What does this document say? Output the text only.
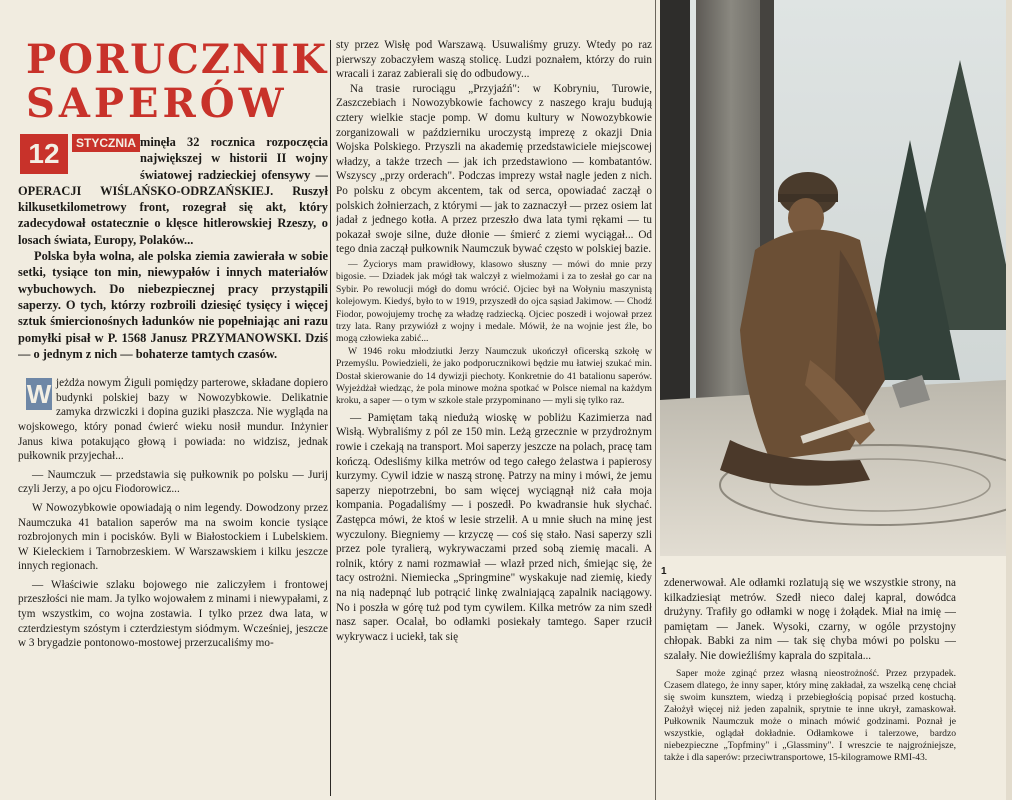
PORUCZNIK
SAPERÓW
12	STYCZNIA minęła 32 rocznica rozpoczęcia największej w historii II wojny światowej radzieckiej ofensywy — OPERACJI WIŚLAŃSKO-ODRZAŃSKIEJ. Ruszył kilkusetkilometrowy front, rozegrał się akt, który zadecydował ostatecznie o klęsce hitlerowskiej Rzeszy, o losach świata, Europy, Polaków...

Polska była wolna, ale polska ziemia zawierała w sobie setki, tysiące ton min, niewypałów i innych materiałów wybuchowych. Do niebezpiecznej pracy przystąpili saperzy. O tych, którzy rozbroili dziesięć tysięcy i więcej sztuk śmiercionośnych ładunków nie popełniając ani razu pomyłki pisał w P. 1568 Janusz PRZYMANOWSKI. Dziś — o jednym z nich — bohaterze tamtych czasów.

W jeżdża nowym Żiguli pomiędzy parterowe, składane dopiero budynki polskiej bazy w Nowozybkowie. Delikatnie zamyka drzwiczki i dopina guziki płaszcza. Nie wygląda na wojskowego, który ponad ćwierć wieku nosił mundur. Inżynier Janus kiwa potakująco głową i powiada: no widzisz, jednak pułkownik przyjechał...

— Naumczuk — przedstawia się pułkownik po polsku — Jurij czyli Jerzy, a po ojcu Fiodorowicz...

W Nowozybkowie opowiadają o nim legendy. Dowodzony przez Naumczuka 41 batalion saperów ma na swoim koncie tysiące rozbrojonych min i pocisków. Byli w Białostockiem i Lubelskiem. W Kieleckiem i Tarnobrzeskiem. W Warszawskiem i kilku jeszcze innych regionach.

— Właściwie szlaku bojowego nie zaliczyłem i frontowej przeszłości nie mam. Ja tylko wojowałem z minami i niewypałami, z tym wszystkim, co wojna zostawia. I tylko przez dwa lata, w czterdziestym szóstym i czterdziestym siódmym. Wcześniej, jeszcze w 3 brygadzie pontonowo-mostowej przerzucaliśmy mo-

sty przez Wisłę pod Warszawą. Usuwaliśmy gruzy. Wtedy po raz pierwszy zobaczyłem waszą stolicę. Ludzi poznałem, którzy do ruin wracali i zaraz zabierali się do odbudowy...

Na trasie rurociągu „Przyjaźń": w Kobryniu, Turowie, Zaszczebiach i Nowozybkowie fachowcy z naszego kraju budują cztery wielkie stacje pomp. W domu kultury w Nowozybkowie zorganizowali w październiku uroczystą imprezę z okazji Dnia Wojska Polskiego. Przyszli na akademię przedstawiciele miejscowej władzy, a także trzech — jak ich przedstawiono — kombatantów. Wszyscy „przy orderach". Podczas imprezy wstał nagle jeden z nich. Po polsku z obcym akcentem, tak od serca, opowiadać zaczął o polskich żołnierzach, z którymi — jak to zaznaczył — przez osiem lat jadał z jednego kotła. A przez przeszło dwa lata tymi rękami — tu pokazał swoje silne, duże dłonie — śmierć z ziemi wyciągał... Od tego dnia zaczął pułkownik Naumczuk bywać często w polskiej bazie.

— Życiorys mam prawidłowy, klasowo słuszny — mówi do mnie przy bigosie. — Dziadek jak mógł tak walczył z wielmożami i za to zesłał go car na Sybir. Po rewolucji mógł do domu wrócić. Ojciec był na Wołyniu maszynistą kolejowym. Kiedyś, było to w 1919, przyszedł do ojca sąsiad Jakimow. — Chodź Fiodor, powojujemy trochę za władzę radziecką. Ojciec poszedł i wojował przez trzy lata. Rany przywiózł z wojny i medale. Mówił, że na wojnie jest źle, bo mogą człowieka zabić...

W 1946 roku młodziutki Jerzy Naumczuk ukończył oficerską szkołę w Przemyślu. Powiedzieli, że jako podporucznikowi będzie mu łatwiej szukać min. Dostał skierowanie do 14 dywizji piechoty. Konkretnie do 41 batalionu saperów. Wyjeżdżał wiedząc, że pola minowe można spotkać w Polsce niemal na każdym kroku, a saper — o tym w szkole stale przypominano — myli się tylko raz.

— Pamiętam taką niedużą wioskę w pobliżu Kazimierza nad Wisłą. Wybraliśmy z pól ze 150 min. Leżą grzecznie w przydrożnym rowie i czekają na transport. Moi saperzy jeszcze na polach, pracę tam kończą. Odesliśmy kilka metrów od tego całego żelastwa i papierosy kurzymy. Cywil idzie w naszą stronę. Patrzy na miny i mówi, że jemu saperzy niepotrzebni, bo sam więcej wyciągnął niż cała moja kompania. Pogadaliśmy — i poszedł. Po kwadransie huk słychać. Zastępca mówi, że ktoś w lesie strzelił. A u mnie słuch na minę jest wyczulony. Biegniemy — krzyczę — coś się stało. Nasi saperzy szli przez pole tyralierą, wykrywaczami przed sobą ziemię macali. A rolnik, który z nami rozmawiał — wlazł przed nich, śmiejąc się, że tacy ostrożni. Niemiecka „Springmine" wyskakuje nad ziemię, kiedy na nią nadepnąć lub potrącić linkę zwalniającą zapalnik naciągowy. No i poszła w górę tuż pod tym cywilem. Kilka metrów za nim szedł nasz saper. Ocalał, bo odłamki posiekały tamtego. Saper rzucił wykrywacz i uciekł, tak się

1

zdenerwował. Ale odłamki rozlatują się we wszystkie strony, na kilkadziesiąt metrów. Szedł nieco dalej kapral, dowódca drużyny. Trafiły go odłamki w nogę i żołądek. Miał na imię — pamiętam — Janek. Wysoki, czarny, w ogóle przystojny chłopak. Babki za nim — tak się chyba mówi po polsku — szalały. Nie dowieźliśmy kaprala do szpitala...

Saper może zginąć przez własną nieostrożność. Przez przypadek. Czasem dlatego, że inny saper, który minę zakładał, za wszelką cenę chciał się swoim kunsztem, wiedzą i przebiegłością popisać przed kostuchą. Założył więcej niż jeden zapalnik, sprytnie te inne ukrył, zamaskował. Pułkownik Naumczuk może o minach mówić godzinami. Poznał je wszystkie, oglądał dokładnie. Odłamkowe i talerzowe, bardzo niebezpieczne „Topfminy" i „Glassminy". I wreszcie te najgroźniejsze, także i dla saperów: przeciwtransportowe, 15-kilogramowe RMI-43.
